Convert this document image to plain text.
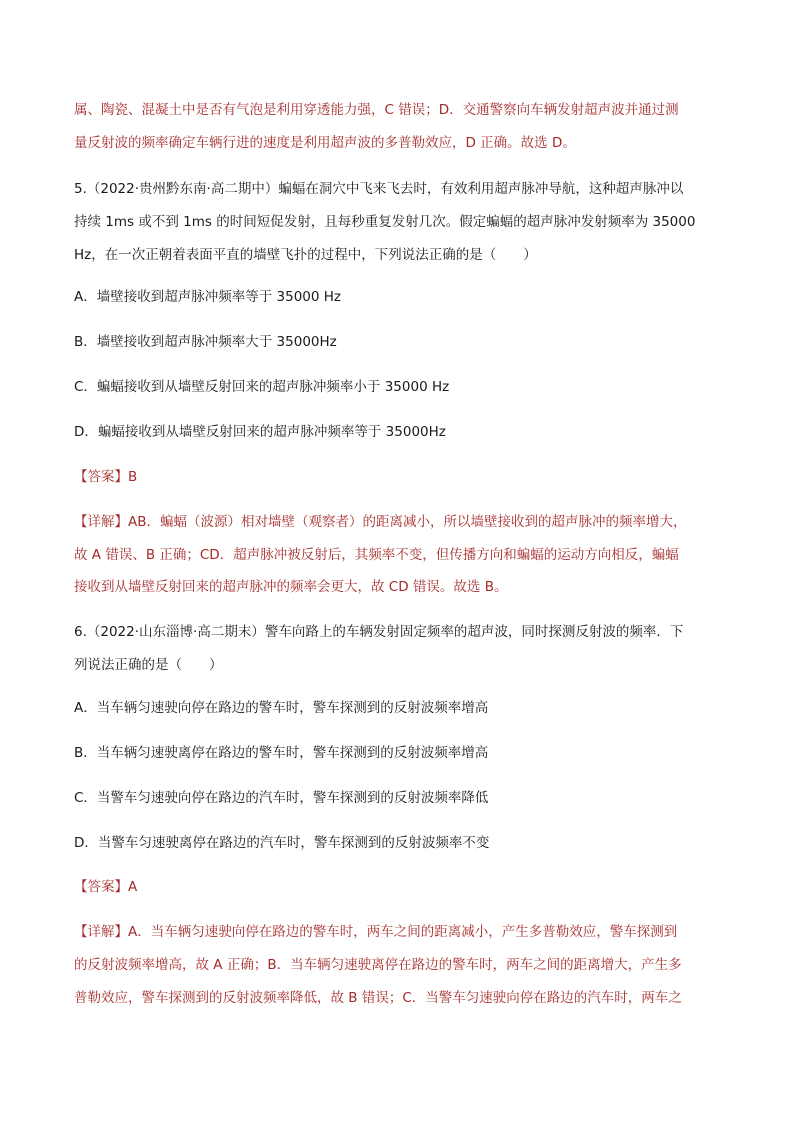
属、陶瓷、混凝土中是否有气泡是利用穿透能力强，C 错误；D．交通警察向车辆发射超声波并通过测
量反射波的频率确定车辆行进的速度是利用超声波的多普勒效应，D 正确。故选 D。
5.（2022·贵州黔东南·高二期中）蝙蝠在洞穴中飞来飞去时，有效利用超声脉冲导航，这种超声脉冲以
持续 1ms 或不到 1ms 的时间短促发射，且每秒重复发射几次。假定蝙蝠的超声脉冲发射频率为 35000
Hz，在一次正朝着表面平直的墙壁飞扑的过程中，下列说法正确的是（　　）
A．墙壁接收到超声脉冲频率等于 35000 Hz
B．墙壁接收到超声脉冲频率大于 35000Hz
C．蝙蝠接收到从墙壁反射回来的超声脉冲频率小于 35000 Hz
D．蝙蝠接收到从墙壁反射回来的超声脉冲频率等于 35000Hz
【答案】B
【详解】AB．蝙蝠（波源）相对墙壁（观察者）的距离减小，所以墙壁接收到的超声脉冲的频率增大，
故 A 错误、B 正确；CD．超声脉冲被反射后，其频率不变，但传播方向和蝙蝠的运动方向相反，蝙蝠
接收到从墙壁反射回来的超声脉冲的频率会更大，故 CD 错误。故选 B。
6.（2022·山东淄博·高二期末）警车向路上的车辆发射固定频率的超声波，同时探测反射波的频率．下
列说法正确的是（　　）
A．当车辆匀速驶向停在路边的警车时，警车探测到的反射波频率增高
B．当车辆匀速驶离停在路边的警车时，警车探测到的反射波频率增高
C．当警车匀速驶向停在路边的汽车时，警车探测到的反射波频率降低
D．当警车匀速驶离停在路边的汽车时，警车探测到的反射波频率不变
【答案】A
【详解】A．当车辆匀速驶向停在路边的警车时，两车之间的距离减小，产生多普勒效应，警车探测到
的反射波频率增高，故 A 正确；B．当车辆匀速驶离停在路边的警车时，两车之间的距离增大，产生多
普勒效应，警车探测到的反射波频率降低，故 B 错误；C．当警车匀速驶向停在路边的汽车时，两车之
